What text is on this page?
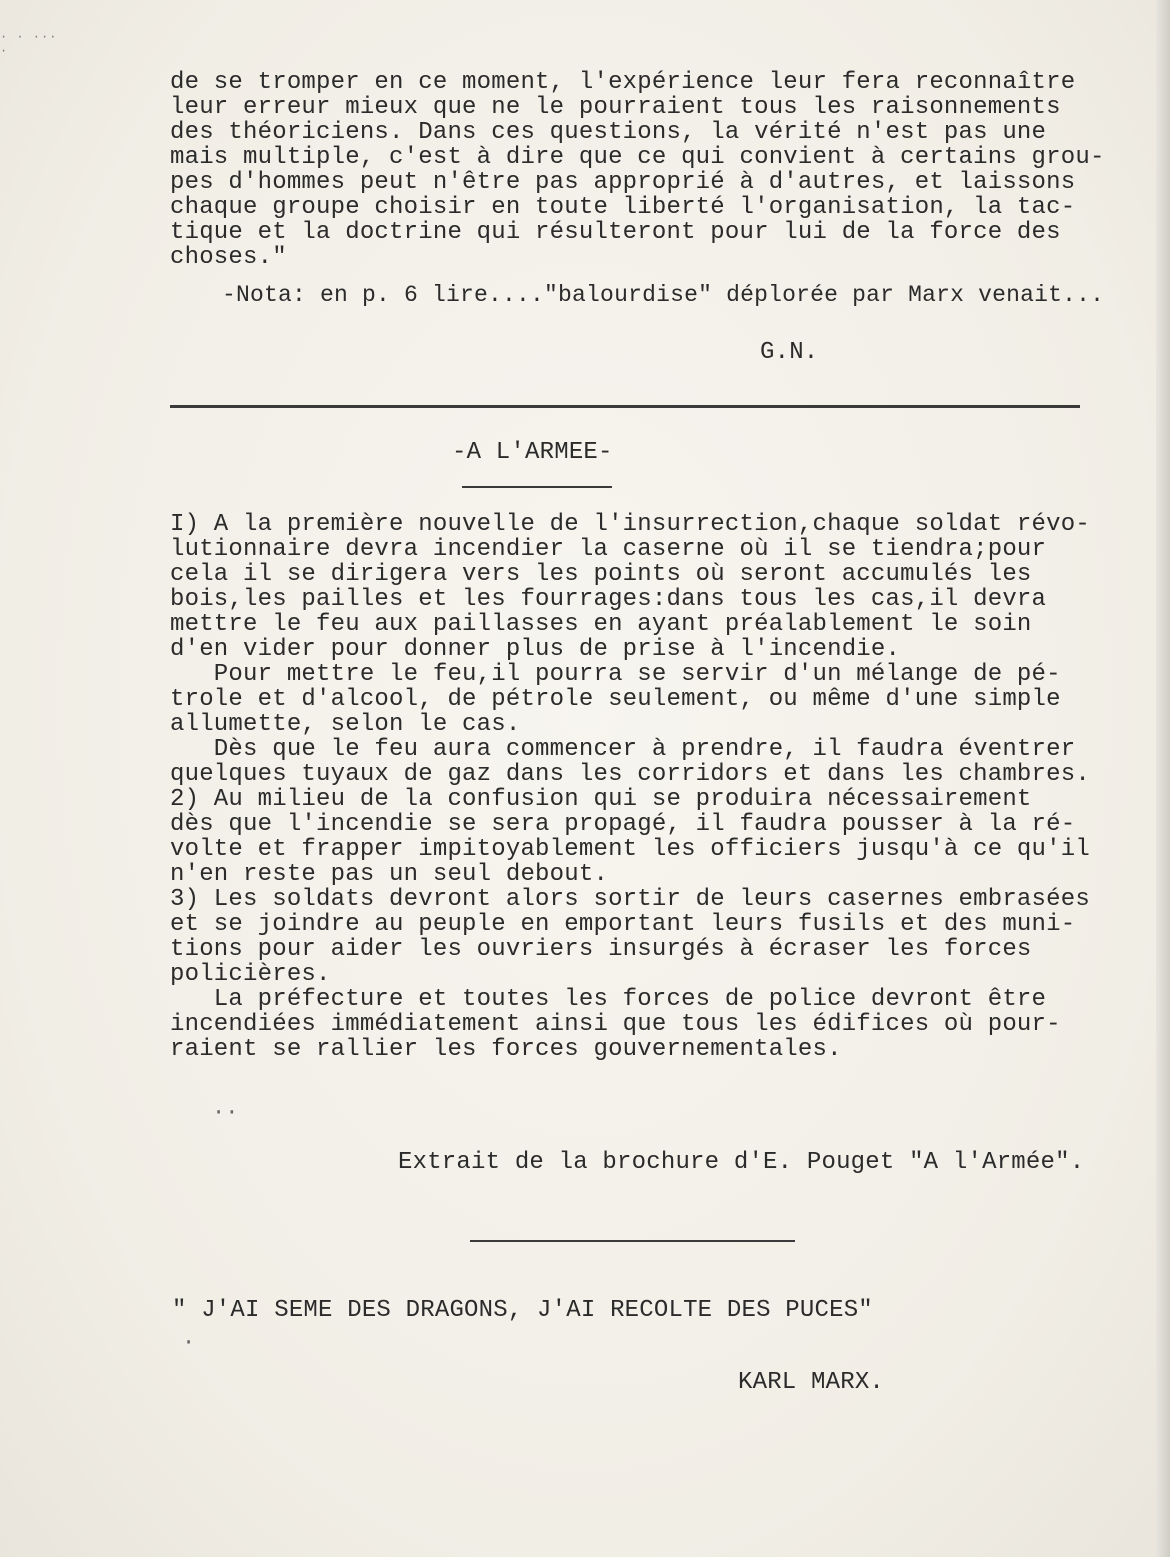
· · ··· ·
de se tromper en ce moment, l'expérience leur fera reconnaître
leur erreur mieux que ne le pourraient tous les raisonnements
des théoriciens. Dans ces questions, la vérité n'est pas une
mais multiple, c'est à dire que ce qui convient à certains grou-
pes d'hommes peut n'être pas approprié à d'autres, et laissons
chaque groupe choisir en toute liberté l'organisation, la tac-
tique et la doctrine qui résulteront pour lui de la force des
choses."
-Nota: en p. 6 lire...."balourdise" déplorée par Marx venait...
G.N.
-A L'ARMEE-
I) A la première nouvelle de l'insurrection,chaque soldat révo-
lutionnaire devra incendier la caserne où il se tiendra;pour
cela il se dirigera vers les points où seront accumulés les
bois,les pailles et les fourrages:dans tous les cas,il devra
mettre le feu aux paillasses en ayant préalablement le soin
d'en vider pour donner plus de prise à l'incendie.
Pour mettre le feu,il pourra se servir d'un mélange de pé-
trole et d'alcool, de pétrole seulement, ou même d'une simple
allumette, selon le cas.
Dès que le feu aura commencer à prendre, il faudra éventrer
quelques tuyaux de gaz dans les corridors et dans les chambres.
2) Au milieu de la confusion qui se produira nécessairement
dès que l'incendie se sera propagé, il faudra pousser à la ré-
volte et frapper impitoyablement les officiers jusqu'à ce qu'il
n'en reste pas un seul debout.
3) Les soldats devront alors sortir de leurs casernes embrasées
et se joindre au peuple en emportant leurs fusils et des muni-
tions pour aider les ouvriers insurgés à écraser les forces
policières.
La préfecture et toutes les forces de police devront être
incendiées immédiatement ainsi que tous les édifices où pour-
raient se rallier les forces gouvernementales.
··
Extrait de la brochure d'E. Pouget "A l'Armée".
" J'AI SEME DES DRAGONS, J'AI RECOLTE DES PUCES"
·
KARL MARX.
